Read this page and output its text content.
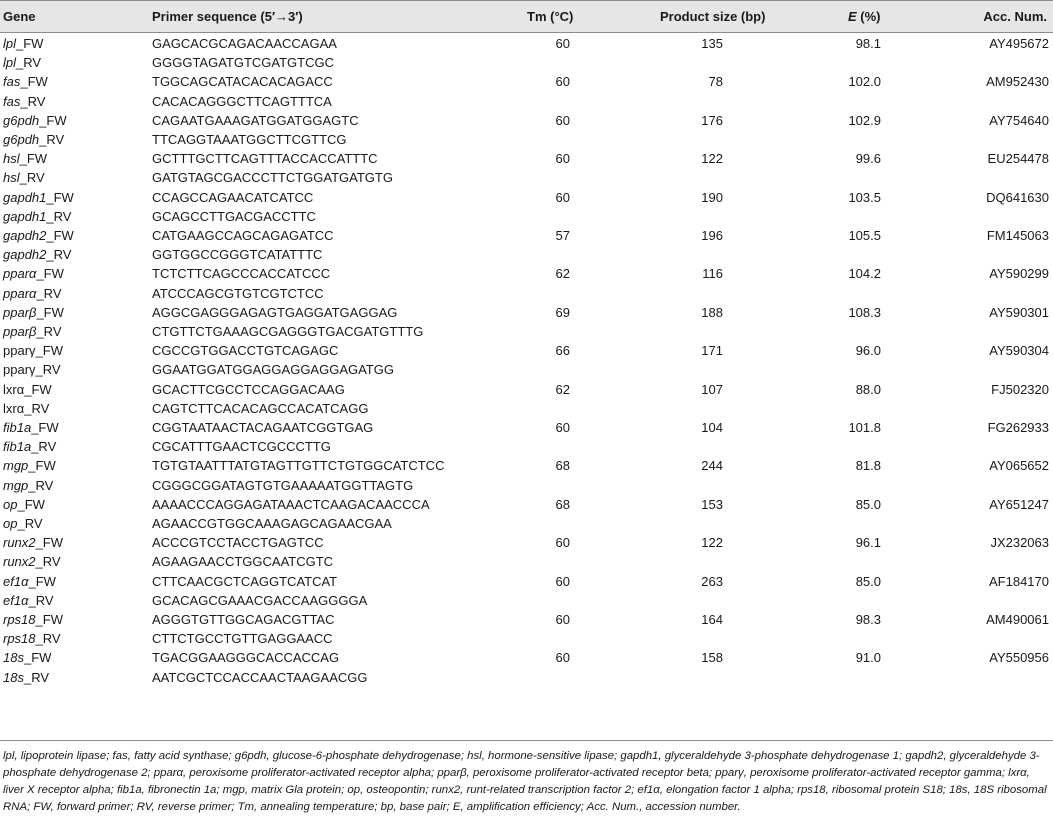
Gene	Primer sequence (5′→3′)	Tm (°C)	Product size (bp)	E (%)	Acc. Num.
lpl_FW	GAGCACGCAGACAACCAGAA	60	135	98.1	AY495672
lpl_RV	GGGGTAGATGTCGATGTCGC
fas_FW	TGGCAGCATACACACAGACC	60	78	102.0	AM952430
fas_RV	CACACAGGGCTTCAGTTTCA
g6pdh_FW	CAGAATGAAAGATGGATGGAGTC	60	176	102.9	AY754640
g6pdh_RV	TTCAGGTAAATGGCTTCGTTCG
hsl_FW	GCTTTGCTTCAGTTTACCACCATTTC	60	122	99.6	EU254478
hsl_RV	GATGTAGCGACCCTTCTGGATGATGTG
gapdh1_FW	CCAGCCAGAACATCATCC	60	190	103.5	DQ641630
gapdh1_RV	GCAGCCTTGACGACCTTC
gapdh2_FW	CATGAAGCCAGCAGAGATCC	57	196	105.5	FM145063
gapdh2_RV	GGTGGCCGGGTCATATTTC
pparα_FW	TCTCTTCAGCCCACCATCCC	62	116	104.2	AY590299
pparα_RV	ATCCCAGCGTGTCGTCTCC
pparβ_FW	AGGCGAGGGAGAGTGAGGATGAGGAG	69	188	108.3	AY590301
pparβ_RV	CTGTTCTGAAAGCGAGGGTGACGATGTTTG
pparγ_FW	CGCCGTGGACCTGTCAGAGC	66	171	96.0	AY590304
pparγ_RV	GGAATGGATGGAGGAGGAGGAGATGG
lxrα_FW	GCACTTCGCCTCCAGGACAAG	62	107	88.0	FJ502320
lxrα_RV	CAGTCTTCACACAGCCACATCAGG
fib1a_FW	CGGTAATAACTACAGAATCGGTGAG	60	104	101.8	FG262933
fib1a_RV	CGCATTTGAACTCGCCCTTG
mgp_FW	TGTGTAATTTATGTAGTTGTTCTGTGGCATCTCC	68	244	81.8	AY065652
mgp_RV	CGGGCGGATAGTGTGAAAAATGGTTAGTG
op_FW	AAAACCCAGGAGATAAACTCAAGACAACCCA	68	153	85.0	AY651247
op_RV	AGAACCGTGGCAAAGAGCAGAACGAA
runx2_FW	ACCCGTCCTACCTGAGTCC	60	122	96.1	JX232063
runx2_RV	AGAAGAACCTGGCAATCGTC
ef1α_FW	CTTCAACGCTCAGGTCATCAT	60	263	85.0	AF184170
ef1α_RV	GCACAGCGAAACGACCAAGGGGA
rps18_FW	AGGGTGTTGGCAGACGTTAC	60	164	98.3	AM490061
rps18_RV	CTTCTGCCTGTTGAGGAACC
18s_FW	TGACGGAAGGGCACCACCAG	60	158	91.0	AY550956
18s_RV	AATCGCTCCACCAACTAAGAACGG
lpl, lipoprotein lipase; fas, fatty acid synthase; g6pdh, glucose-6-phosphate dehydrogenase; hsl, hormone-sensitive lipase; gapdh1, glyceraldehyde 3-phosphate dehydrogenase 1; gapdh2, glyceraldehyde 3-phosphate dehydrogenase 2; pparα, peroxisome proliferator-activated receptor alpha; pparβ, peroxisome proliferator-activated receptor beta; pparγ, peroxisome proliferator-activated receptor gamma; lxrα, liver X receptor alpha; fib1a, fibronectin 1a; mgp, matrix Gla protein; op, osteopontin; runx2, runt-related transcription factor 2; ef1α, elongation factor 1 alpha; rps18, ribosomal protein S18; 18s, 18S ribosomal RNA; FW, forward primer; RV, reverse primer; Tm, annealing temperature; bp, base pair; E, amplification efficiency; Acc. Num., accession number.
